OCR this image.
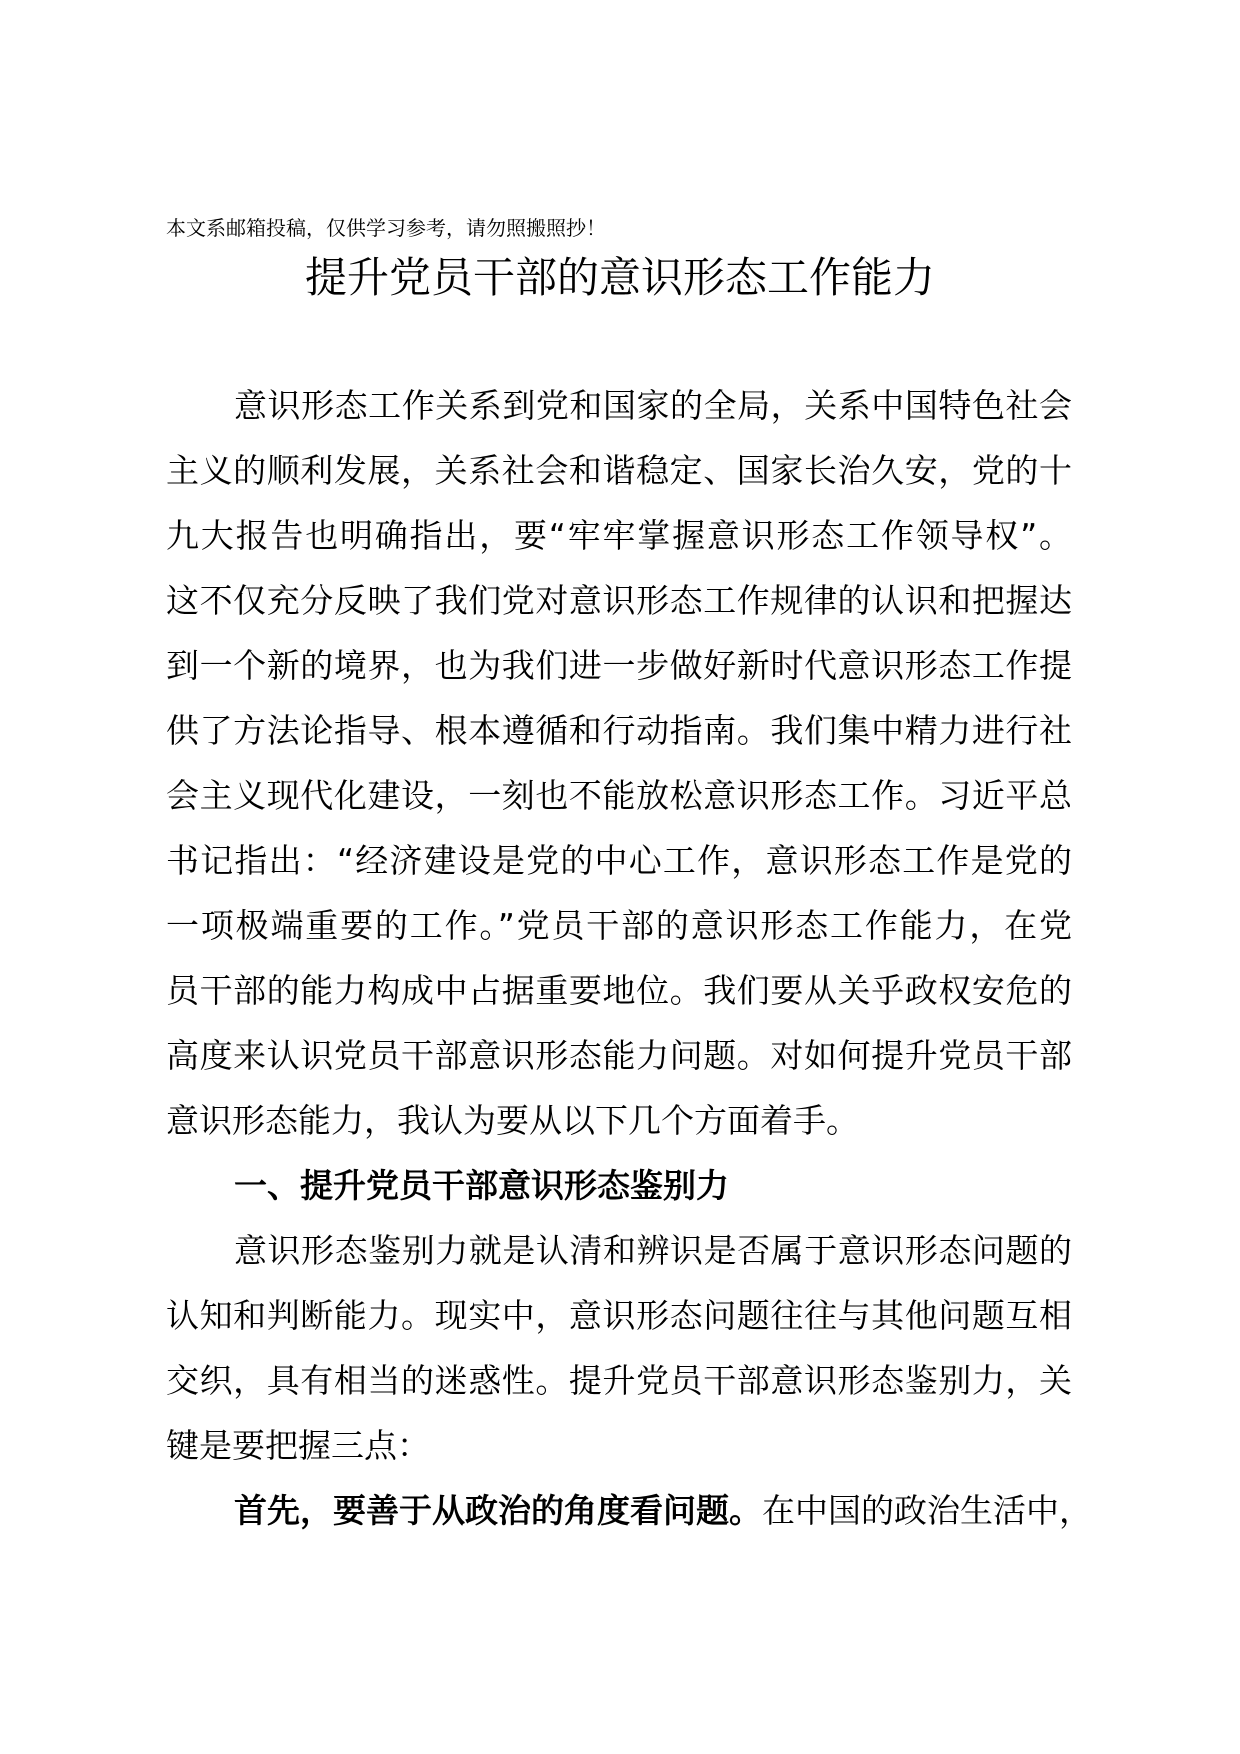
本文系邮箱投稿，仅供学习参考，请勿照搬照抄！
提升党员干部的意识形态工作能力
意识形态工作关系到党和国家的全局，关系中国特色社会
主义的顺利发展，关系社会和谐稳定、国家长治久安，党的十
九大报告也明确指出，要“牢牢掌握意识形态工作领导权”。
这不仅充分反映了我们党对意识形态工作规律的认识和把握达
到一个新的境界，也为我们进一步做好新时代意识形态工作提
供了方法论指导、根本遵循和行动指南。我们集中精力进行社
会主义现代化建设，一刻也不能放松意识形态工作。习近平总
书记指出：“经济建设是党的中心工作，意识形态工作是党的
一项极端重要的工作。”党员干部的意识形态工作能力，在党
员干部的能力构成中占据重要地位。我们要从关乎政权安危的
高度来认识党员干部意识形态能力问题。对如何提升党员干部
意识形态能力，我认为要从以下几个方面着手。
一、提升党员干部意识形态鉴别力
意识形态鉴别力就是认清和辨识是否属于意识形态问题的
认知和判断能力。现实中，意识形态问题往往与其他问题互相
交织，具有相当的迷惑性。提升党员干部意识形态鉴别力，关
键是要把握三点：
首先，要善于从政治的角度看问题。在中国的政治生活中，
